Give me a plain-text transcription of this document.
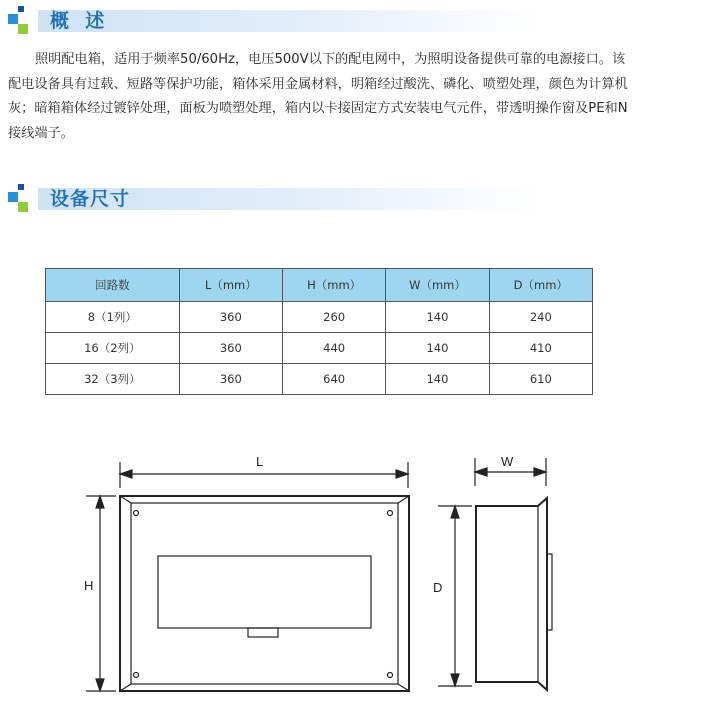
概  述

照明配电箱，适用于频率50/60Hz，电压500V以下的配电网中，为照明设备提供可靠的电源接口。该配电设备具有过载、短路等保护功能，箱体采用金属材料，明箱经过酸洗、磷化、喷塑处理，颜色为计算机灰；暗箱箱体经过镀锌处理，面板为喷塑处理，箱内以卡接固定方式安装电气元件，带透明操作窗及PE和N接线端子。

设备尺寸
回路数	L（mm）	H（mm）	W（mm）	D（mm）
8（1列）	360	260	140	240
16（2列）	360	440	140	410
32（3列）	360	640	140	610
L
H
W
D
